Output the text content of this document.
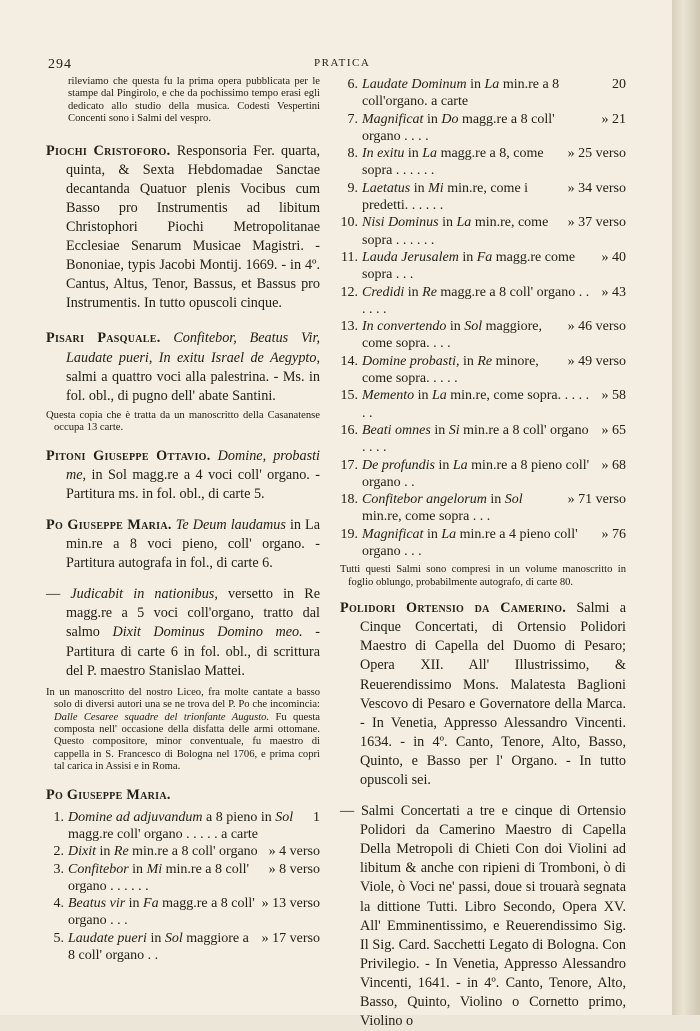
294	PRATICA

rileviamo che questa fu la prima opera pubblicata per le stampe dal Pingirolo, e che da pochissimo tempo erasi egli dedicato allo studio della musica. Codesti Vespertini Concenti sono i Salmi del vespro.

Piochi Cristoforo. Responsoria Fer. quarta, quinta, & Sexta Hebdomadae Sanctae decantanda Quatuor plenis Vocibus cum Basso pro Instrumentis ad libitum Christophori Piochi Metropolitanae Ecclesiae Senarum Musicae Magistri. - Bononiae, typis Jacobi Montij. 1669. - in 4º. Cantus, Altus, Tenor, Bassus, et Bassus pro Instrumentis. In tutto opuscoli cinque.

Pisari Pasquale. Confitebor, Beatus Vir, Laudate pueri, In exitu Israel de Aegypto, salmi a quattro voci alla palestrina. - Ms. in fol. obl., di pugno dell' abate Santini.

Questa copia che è tratta da un manoscritto della Casanatense occupa 13 carte.

Pitoni Giuseppe Ottavio. Domine, probasti me, in Sol magg.re a 4 voci coll' organo. - Partitura ms. in fol. obl., di carte 5.

Po Giuseppe Maria. Te Deum laudamus in La min.re a 8 voci pieno, coll' organo. - Partitura autografa in fol., di carte 6.

— Judicabit in nationibus, versetto in Re magg.re a 5 voci coll'organo, tratto dal salmo Dixit Dominus Domino meo. - Partitura di carte 6 in fol. obl., di scrittura del P. maestro Stanislao Mattei.

In un manoscritto del nostro Liceo, fra molte cantate a basso solo di diversi autori una se ne trova del P. Po che incomincia: Dalle Cesaree squadre del trionfante Augusto. Fu questa composta nell' occasione della disfatta delle armi ottomane. Questo compositore, minor conventuale, fu maestro di cappella in S. Francesco di Bologna nel 1706, e prima coprì tal carica in Assisi e in Roma.

Po Giuseppe Maria.

1. Domine ad adjuvandum a 8 pieno in Sol magg.re coll' organo . . . . . a carte
1
2. Dixit in Re min.re a 8 coll' organo » 4 verso
3. Confitebor in Mi min.re a 8 coll' organo . . . . . .
» 8 verso
4. Beatus vir in Fa magg.re a 8 coll' organo . . .
» 13 verso
5. Laudate pueri in Sol maggiore a 8 coll' organo . .
» 17 verso
6. Laudate Dominum in La min.re a 8 coll'organo. a carte
20
7. Magnificat in Do magg.re a 8 coll' organo . . . .
» 21
8. In exitu in La magg.re a 8, come sopra . . . . . .
» 25 verso
9. Laetatus in Mi min.re, come i predetti. . . . . .
» 34 verso
10. Nisi Dominus in La min.re, come sopra . . . . . .
» 37 verso
11. Lauda Jerusalem in Fa magg.re come sopra . . .
» 40
12. Credidi in Re magg.re a 8 coll' organo . . . . . .
» 43
13. In convertendo in Sol maggiore, come sopra. . . .
» 46 verso
14. Domine probasti, in Re minore, come sopra. . . . .
» 49 verso
15. Memento in La min.re, come sopra. . . . . . .
» 58
16. Beati omnes in Si min.re a 8 coll' organo . . . .
» 65
17. De profundis in La min.re a 8 pieno coll' organo . .
» 68
18. Confitebor angelorum in Sol min.re, come sopra . . .
» 71 verso
19. Magnificat in La min.re a 4 pieno coll' organo . . .
» 76

Tutti questi Salmi sono compresi in un volume manoscritto in foglio oblungo, probabilmente autografo, di carte 80.

Polidori Ortensio da Camerino. Salmi a Cinque Concertati, di Ortensio Polidori Maestro di Capella del Duomo di Pesaro; Opera XII. All' Illustrissimo, & Reuerendissimo Mons. Malatesta Baglioni Vescovo di Pesaro e Governatore della Marca. - In Venetia, Appresso Alessandro Vincenti. 1634. - in 4º. Canto, Tenore, Alto, Basso, Quinto, e Basso per l' Organo. - In tutto opuscoli sei.

— Salmi Concertati a tre e cinque di Ortensio Polidori da Camerino Maestro di Capella Della Metropoli di Chieti Con doi Violini ad libitum & anche con ripieni di Tromboni, ò di Viole, ò Voci ne' passi, doue si trouarà segnata la dittione Tutti. Libro Secondo, Opera XV. All' Emminentissimo, e Reuerendissimo Sig. Il Sig. Card. Sacchetti Legato di Bologna. Con Privilegio. - In Venetia, Appresso Alessandro Vincenti, 1641. - in 4º. Canto, Tenore, Alto, Basso, Quinto, Violino o Cornetto primo, Violino o
